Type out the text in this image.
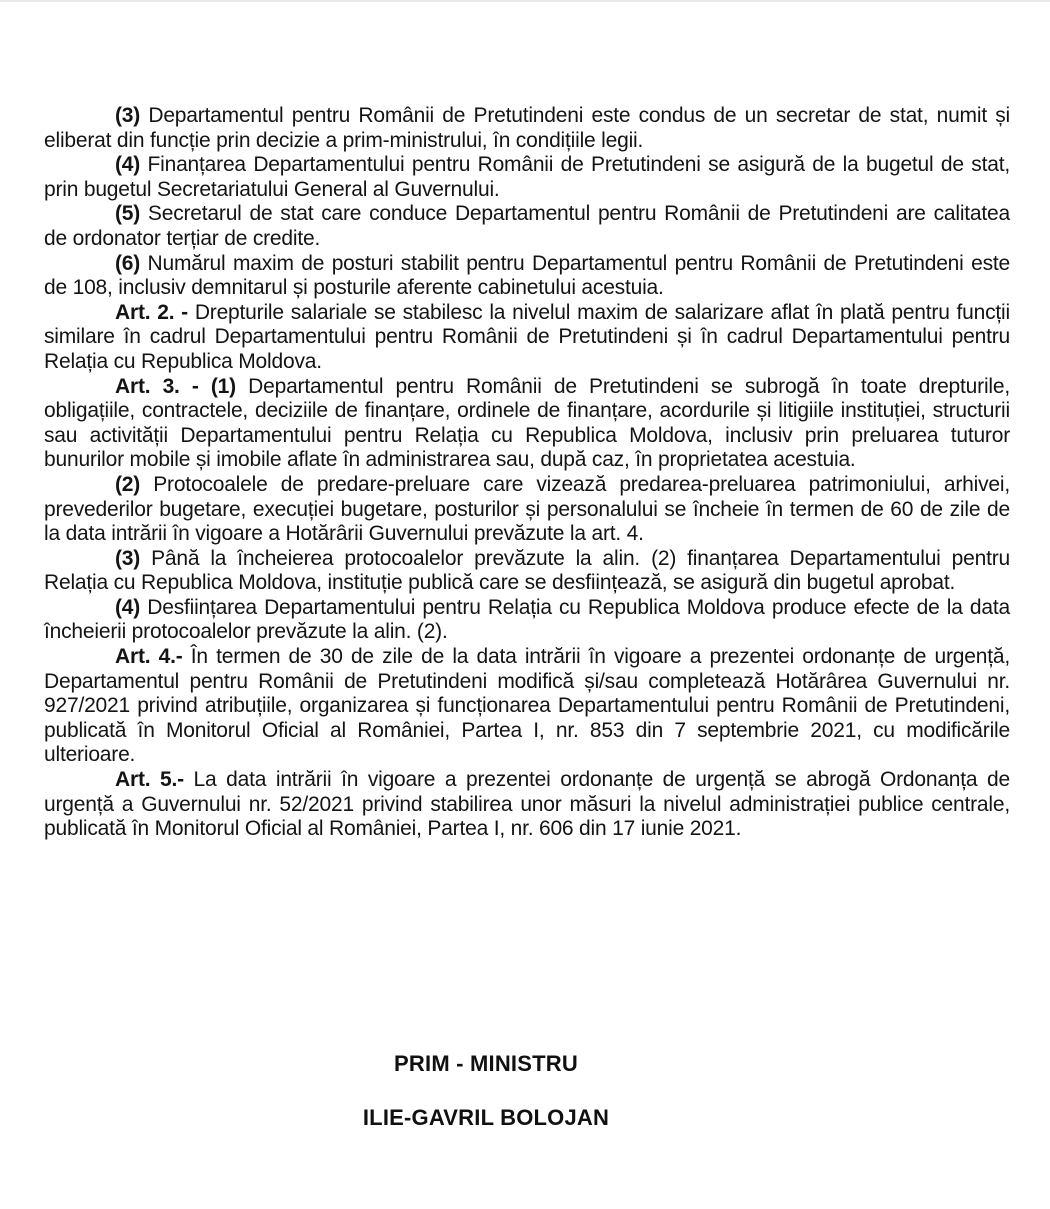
(3) Departamentul pentru Românii de Pretutindeni este condus de un secretar de stat, numit și eliberat din funcție prin decizie a prim-ministrului, în condițiile legii.

(4) Finanțarea Departamentului pentru Românii de Pretutindeni se asigură de la bugetul de stat, prin bugetul Secretariatului General al Guvernului.

(5) Secretarul de stat care conduce Departamentul pentru Românii de Pretutindeni are calitatea de ordonator terțiar de credite.

(6) Numărul maxim de posturi stabilit pentru Departamentul pentru Românii de Pretutindeni este de 108, inclusiv demnitarul și posturile aferente cabinetului acestuia.

Art. 2. - Drepturile salariale se stabilesc la nivelul maxim de salarizare aflat în plată pentru funcții similare în cadrul Departamentului pentru Românii de Pretutindeni și în cadrul Departamentului pentru Relația cu Republica Moldova.

Art. 3. - (1) Departamentul pentru Românii de Pretutindeni se subrogă în toate drepturile, obligațiile, contractele, deciziile de finanțare, ordinele de finanțare, acordurile și litigiile instituției, structurii sau activității Departamentului pentru Relația cu Republica Moldova, inclusiv prin preluarea tuturor bunurilor mobile și imobile aflate în administrarea sau, după caz, în proprietatea acestuia.

(2) Protocoalele de predare-preluare care vizează predarea-preluarea patrimoniului, arhivei, prevederilor bugetare, execuției bugetare, posturilor și personalului se încheie în termen de 60 de zile de la data intrării în vigoare a Hotărârii Guvernului prevăzute la art. 4.

(3) Până la încheierea protocoalelor prevăzute la alin. (2) finanțarea Departamentului pentru Relația cu Republica Moldova, instituție publică care se desființează, se asigură din bugetul aprobat.

(4) Desființarea Departamentului pentru Relația cu Republica Moldova produce efecte de la data încheierii protocoalelor prevăzute la alin. (2).

Art. 4.- În termen de 30 de zile de la data intrării în vigoare a prezentei ordonanțe de urgență, Departamentul pentru Românii de Pretutindeni modifică și/sau completează Hotărârea Guvernului nr. 927/2021 privind atribuțiile, organizarea și funcționarea Departamentului pentru Românii de Pretutindeni, publicată în Monitorul Oficial al României, Partea I, nr. 853 din 7 septembrie 2021, cu modificările ulterioare.

Art. 5.- La data intrării în vigoare a prezentei ordonanțe de urgență se abrogă Ordonanța de urgență a Guvernului nr. 52/2021 privind stabilirea unor măsuri la nivelul administrației publice centrale, publicată în Monitorul Oficial al României, Partea I, nr. 606 din 17 iunie 2021.

PRIM - MINISTRU
ILIE-GAVRIL BOLOJAN
